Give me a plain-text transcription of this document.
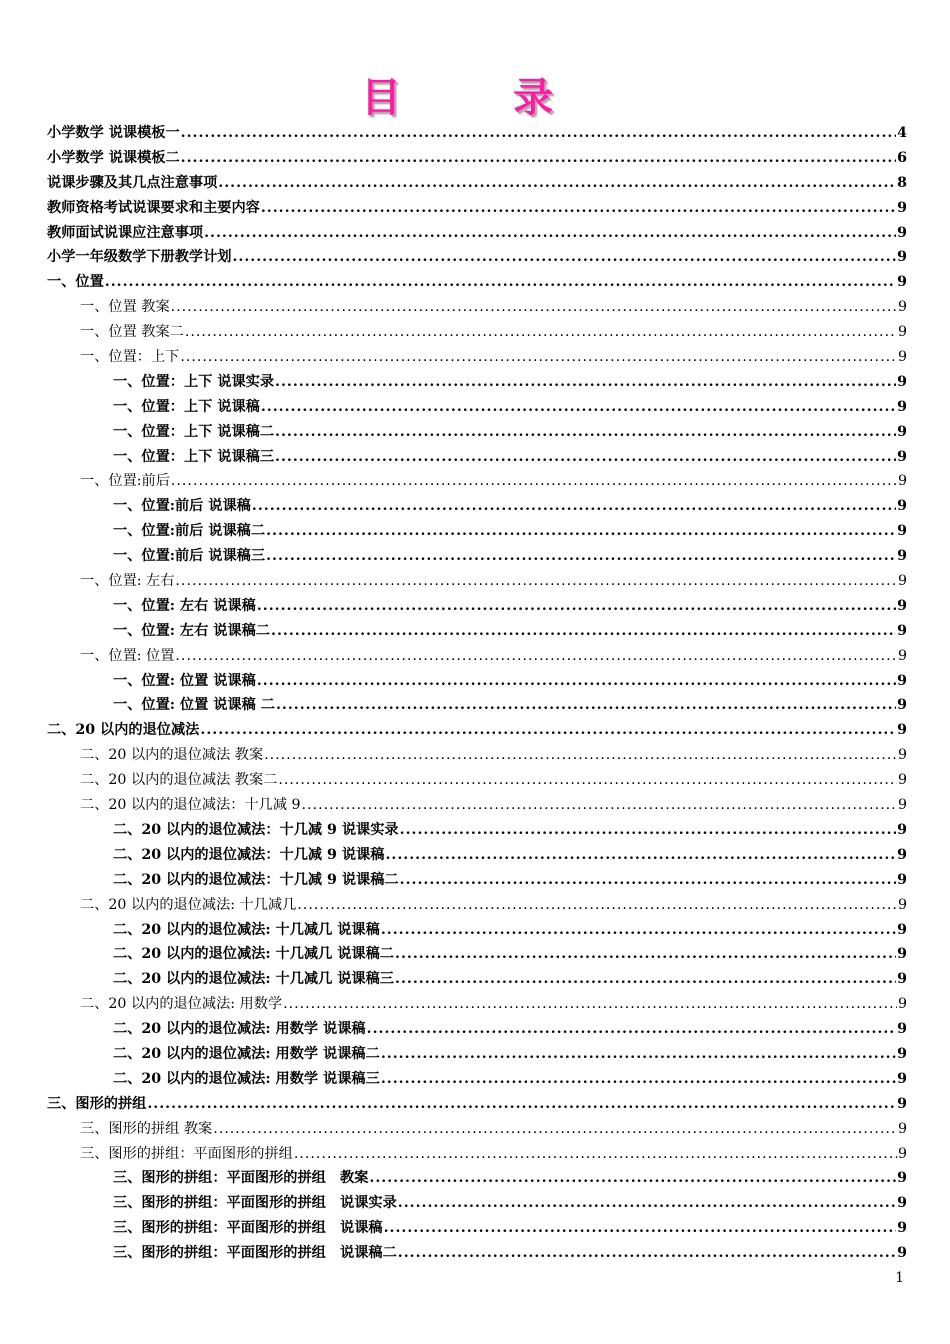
目　录
小学数学 说课模板一 .....	4
小学数学 说课模板二 .....	6
说课步骤及其几点注意事项 .....	8
教师资格考试说课要求和主要内容 .....	9
教师面试说课应注意事项 .....	9
小学一年级数学下册教学计划 .....	9
一、位置 .....	9
一、位置 教案 .....	9
一、位置 教案二 .....	9
一、位置：上下 .....	9
一、位置：上下 说课实录 .....	9
一、位置：上下 说课稿 .....	9
一、位置：上下 说课稿二 .....	9
一、位置：上下 说课稿三 .....	9
一、位置:前后 .....	9
一、位置:前后 说课稿 .....	9
一、位置:前后 说课稿二 .....	9
一、位置:前后 说课稿三 .....	9
一、位置: 左右 .....	9
一、位置: 左右 说课稿 .....	9
一、位置: 左右 说课稿二 .....	9
一、位置: 位置 .....	9
一、位置: 位置 说课稿 .....	9
一、位置: 位置 说课稿 二 .....	9
二、20 以内的退位减法 .....	9
二、20 以内的退位减法 教案 .....	9
二、20 以内的退位减法 教案二 .....	9
二、20 以内的退位减法：十几减 9 .....	9
二、20 以内的退位减法：十几减 9 说课实录 .....	9
二、20 以内的退位减法：十几减 9 说课稿 .....	9
二、20 以内的退位减法：十几减 9 说课稿二 .....	9
二、20 以内的退位减法: 十几减几 .....	9
二、20 以内的退位减法: 十几减几 说课稿 .....	9
二、20 以内的退位减法: 十几减几 说课稿二 .....	9
二、20 以内的退位减法: 十几减几 说课稿三 .....	9
二、20 以内的退位减法: 用数学 .....	9
二、20 以内的退位减法: 用数学 说课稿 .....	9
二、20 以内的退位减法: 用数学 说课稿二 .....	9
二、20 以内的退位减法: 用数学 说课稿三 .....	9
三、图形的拼组 .....	9
三、图形的拼组 教案 .....	9
三、图形的拼组：平面图形的拼组 .....	9
三、图形的拼组：平面图形的拼组　教案 .....	9
三、图形的拼组：平面图形的拼组　说课实录 .....	9
三、图形的拼组：平面图形的拼组　说课稿 .....	9
三、图形的拼组：平面图形的拼组　说课稿二 .....	9
1
